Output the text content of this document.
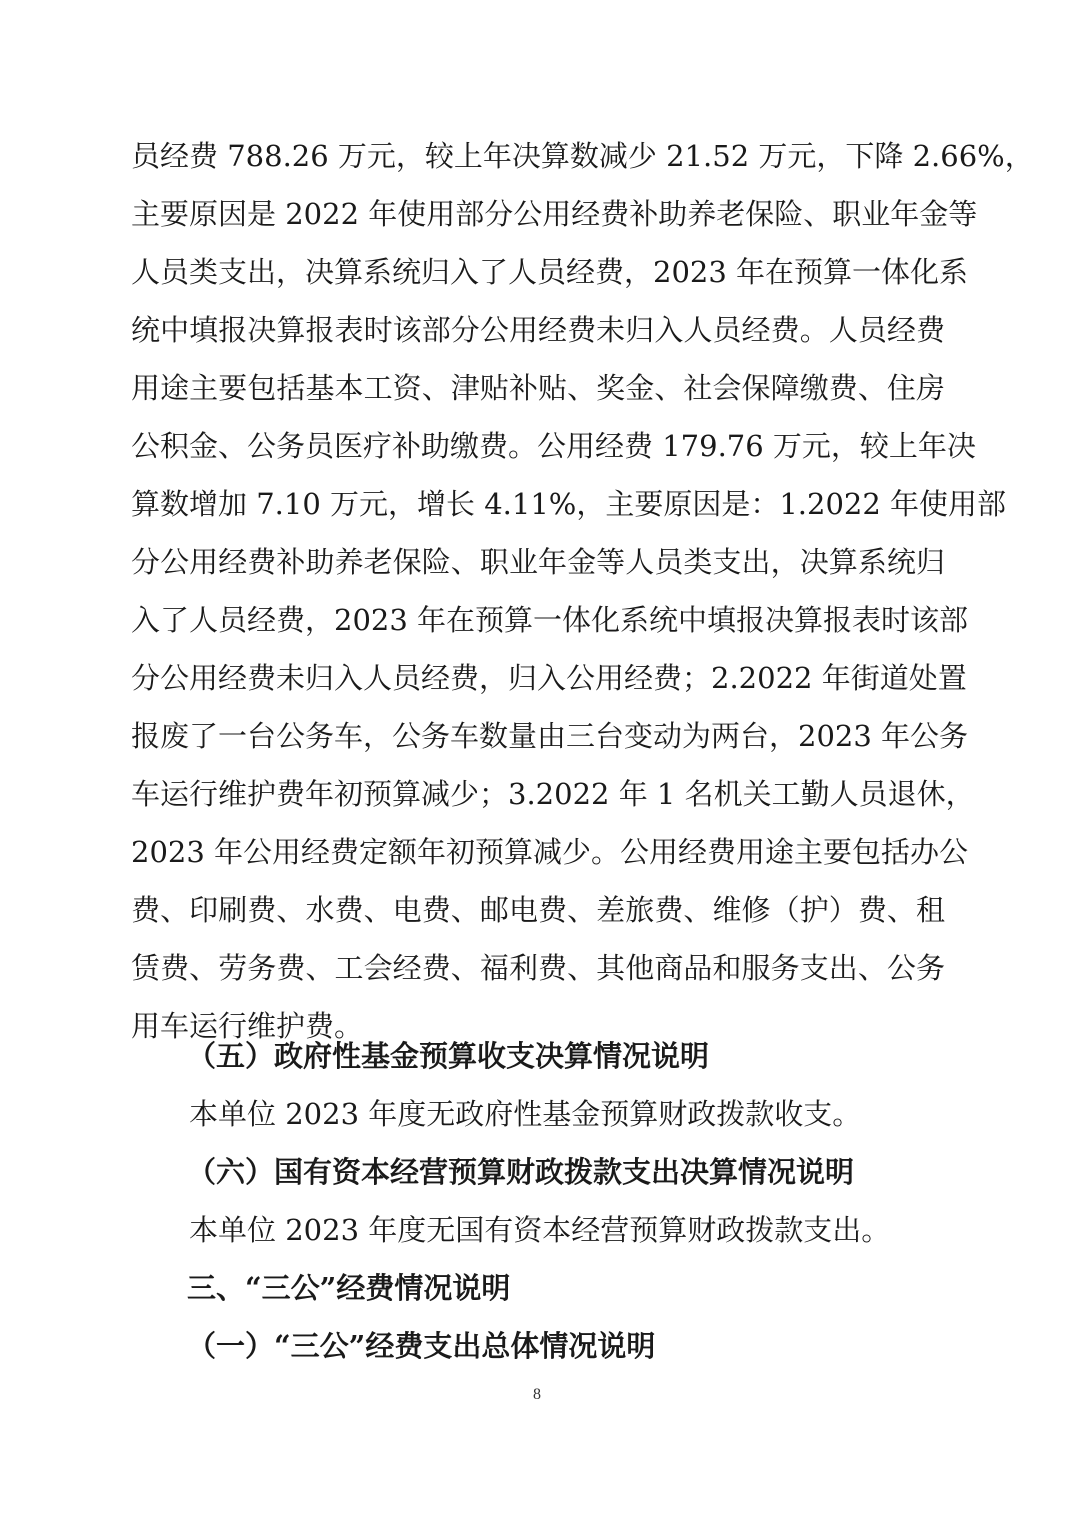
员经费 788.26 万元，较上年决算数减少 21.52 万元，下降 2.66%，
主要原因是 2022 年使用部分公用经费补助养老保险、职业年金等
人员类支出，决算系统归入了人员经费，2023 年在预算一体化系
统中填报决算报表时该部分公用经费未归入人员经费。人员经费
用途主要包括基本工资、津贴补贴、奖金、社会保障缴费、住房
公积金、公务员医疗补助缴费。公用经费 179.76 万元，较上年决
算数增加 7.10 万元，增长 4.11%，主要原因是：1.2022 年使用部
分公用经费补助养老保险、职业年金等人员类支出，决算系统归
入了人员经费，2023 年在预算一体化系统中填报决算报表时该部
分公用经费未归入人员经费，归入公用经费；2.2022 年街道处置
报废了一台公务车，公务车数量由三台变动为两台，2023 年公务
车运行维护费年初预算减少；3.2022 年 1 名机关工勤人员退休，
2023 年公用经费定额年初预算减少。公用经费用途主要包括办公
费、印刷费、水费、电费、邮电费、差旅费、维修（护）费、租
赁费、劳务费、工会经费、福利费、其他商品和服务支出、公务
用车运行维护费。
（五）政府性基金预算收支决算情况说明
本单位 2023 年度无政府性基金预算财政拨款收支。
（六）国有资本经营预算财政拨款支出决算情况说明
本单位 2023 年度无国有资本经营预算财政拨款支出。
三、“三公”经费情况说明
（一）“三公”经费支出总体情况说明
8
